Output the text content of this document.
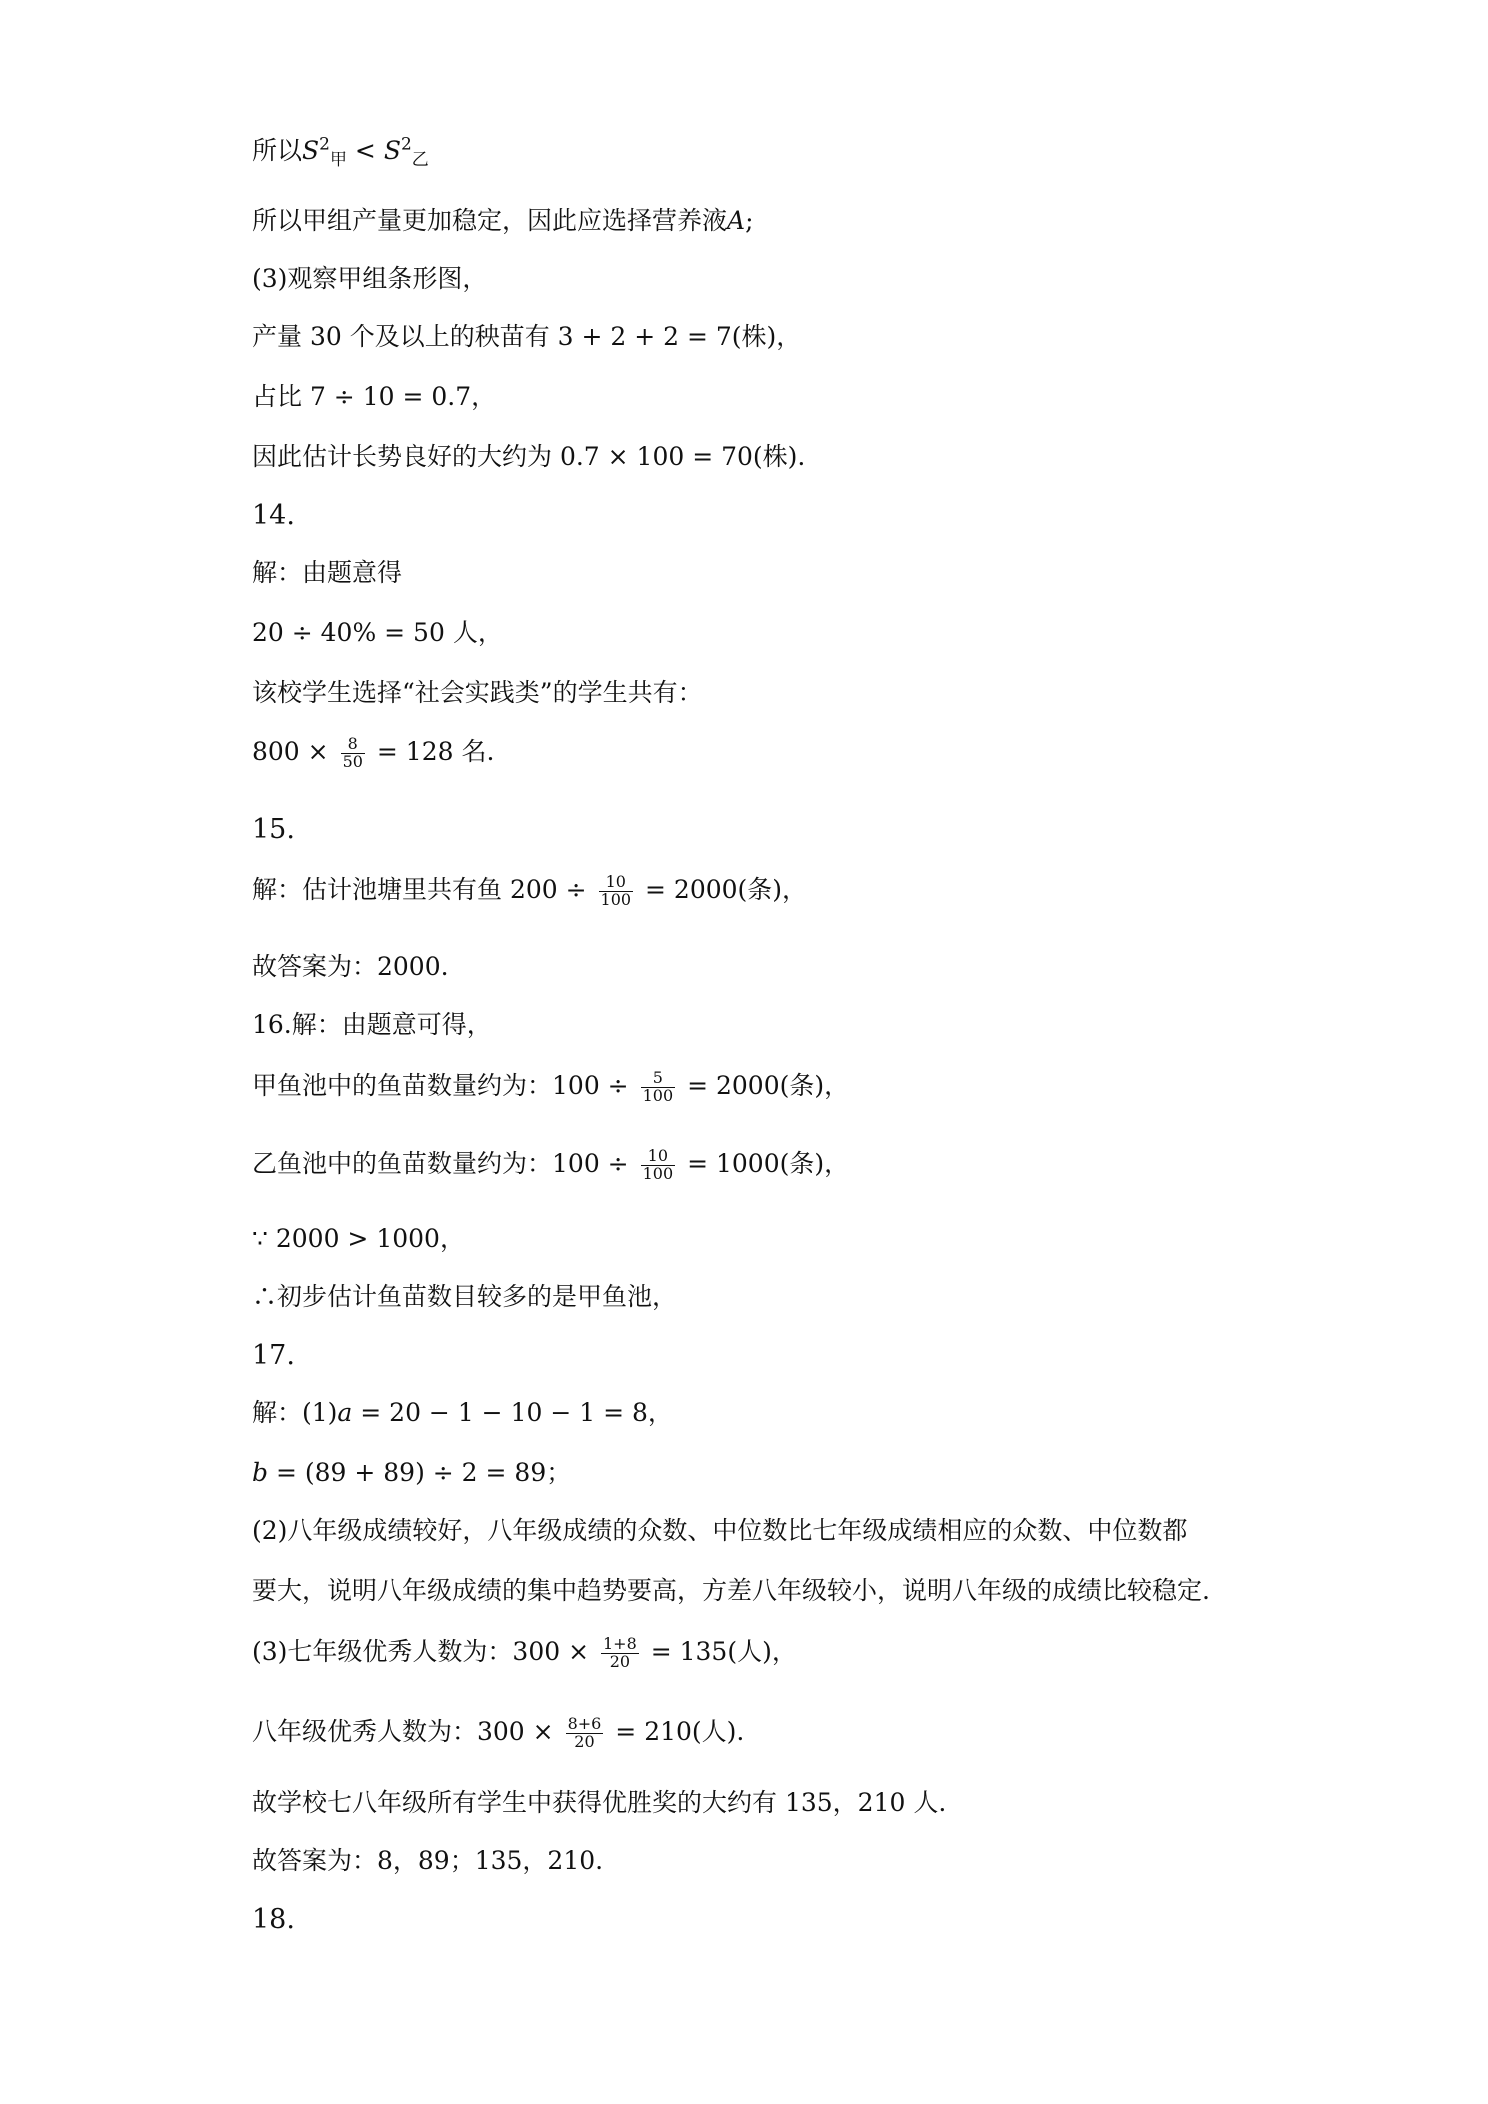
所以$S^2_甲 < S^2_乙$
所以甲组产量更加稳定，因此应选择营养液A;
(3)观察甲组条形图，
产量 30 个及以上的秧苗有 3 + 2 + 2 = 7(株)，
占比 7 ÷ 10 = 0.7，
因此估计长势良好的大约为 0.7 × 100 = 70(株).
14.
解：由题意得
20 ÷ 40% = 50 人，
该校学生选择“社会实践类”的学生共有：
$800 \times \frac{8}{50} = 128$ 名.
15.
解：估计池塘里共有鱼 $200 \div \frac{10}{100} = 2000$(条)，
故答案为：2000.
16.解：由题意可得，
甲鱼池中的鱼苗数量约为：$100 \div \frac{5}{100} = 2000$(条)，
乙鱼池中的鱼苗数量约为：$100 \div \frac{10}{100} = 1000$(条)，
∵ 2000 > 1000，
∴初步估计鱼苗数目较多的是甲鱼池，
17.
解：(1)a = 20 − 1 − 10 − 1 = 8，
b = (89 + 89) ÷ 2 = 89；
(2)八年级成绩较好，八年级成绩的众数、中位数比七年级成绩相应的众数、中位数都
要大，说明八年级成绩的集中趋势要高，方差八年级较小，说明八年级的成绩比较稳定.
(3)七年级优秀人数为：$300 \times \frac{1+8}{20} = 135$(人)，
八年级优秀人数为：$300 \times \frac{8+6}{20} = 210$(人).
故学校七八年级所有学生中获得优胜奖的大约有 135，210 人.
故答案为：8，89；135，210.
18.
